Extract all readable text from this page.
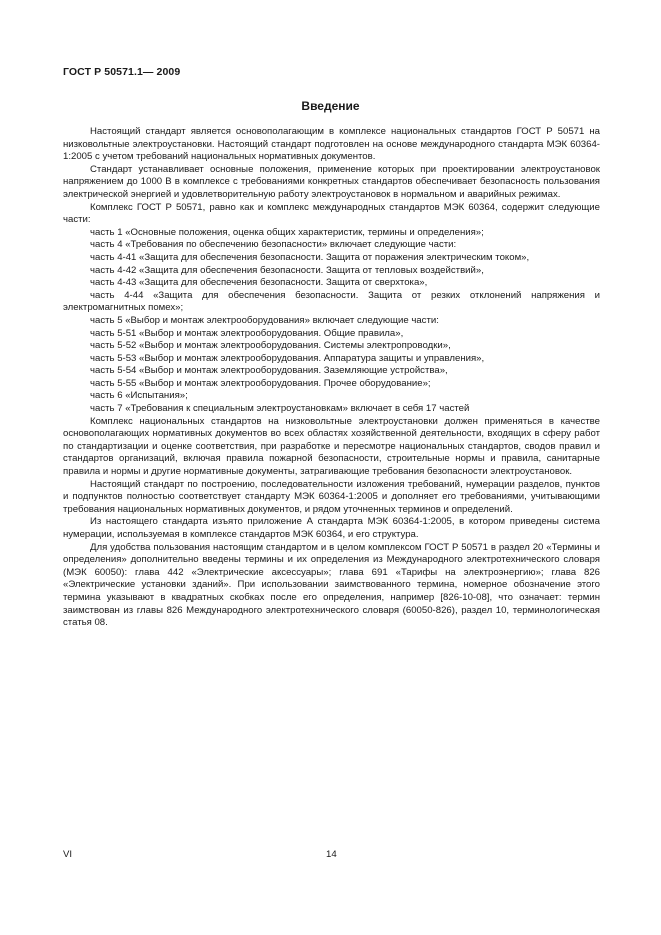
ГОСТ Р 50571.1— 2009
Введение

Настоящий стандарт является основополагающим в комплексе национальных стандартов ГОСТ Р 50571 на низковольтные электроустановки. Настоящий стандарт подготовлен на основе международного стандарта МЭК 60364-1:2005 с учетом требований национальных нормативных документов.

Стандарт устанавливает основные положения, применение которых при проектировании электроустановок напряжением до 1000 В в комплексе с требованиями конкретных стандартов обеспечивает безопасность пользования электрической энергией и удовлетворительную работу электроустановок в нормальном и аварийных режимах.

Комплекс ГОСТ Р 50571, равно как и комплекс международных стандартов МЭК 60364, содержит следующие части:

часть 1 «Основные положения, оценка общих характеристик, термины и определения»;

часть 4 «Требования по обеспечению безопасности» включает следующие части:

часть 4-41 «Защита для обеспечения безопасности. Защита от поражения электрическим током»,

часть 4-42 «Защита для обеспечения безопасности. Защита от тепловых воздействий»,

часть 4-43 «Защита для обеспечения безопасности. Защита от сверхтока»,

часть 4-44 «Защита для обеспечения безопасности. Защита от резких отклонений напряжения и электромагнитных помех»;

часть 5 «Выбор и монтаж электрооборудования» включает следующие части:

часть 5-51 «Выбор и монтаж электрооборудования. Общие правила»,

часть 5-52 «Выбор и монтаж электрооборудования. Системы электропроводки»,

часть 5-53 «Выбор и монтаж электрооборудования. Аппаратура защиты и управления»,

часть 5-54 «Выбор и монтаж электрооборудования. Заземляющие устройства»,

часть 5-55 «Выбор и монтаж электрооборудования. Прочее оборудование»;

часть 6 «Испытания»;

часть 7 «Требования к специальным электроустановкам» включает в себя 17 частей

Комплекс национальных стандартов на низковольтные электроустановки должен применяться в качестве основополагающих нормативных документов во всех областях хозяйственной деятельности, входящих в сферу работ по стандартизации и оценке соответствия, при разработке и пересмотре национальных стандартов, сводов правил и стандартов организаций, включая правила пожарной безопасности, строительные нормы и правила, санитарные правила и нормы и другие нормативные документы, затрагивающие требования безопасности электроустановок.

Настоящий стандарт по построению, последовательности изложения требований, нумерации разделов, пунктов и подпунктов полностью соответствует стандарту МЭК 60364-1:2005 и дополняет его требованиями, учитывающими требования национальных нормативных документов, и рядом уточненных терминов и определений.

Из настоящего стандарта изъято приложение А стандарта МЭК 60364-1:2005, в котором приведены система нумерации, используемая в комплексе стандартов МЭК 60364, и его структура.

Для удобства пользования настоящим стандартом и в целом комплексом ГОСТ Р 50571 в раздел 20 «Термины и определения» дополнительно введены термины и их определения из Международного электротехнического словаря (МЭК 60050): глава 442 «Электрические аксессуары»; глава 691 «Тарифы на электроэнергию»; глава 826 «Электрические установки зданий». При использовании заимствованного термина, номерное обозначение этого термина указывают в квадратных скобках после его определения, например [826-10-08], что означает: термин заимствован из главы 826 Международного электротехнического словаря (60050-826), раздел 10, терминологическая статья 08.

VI	14
